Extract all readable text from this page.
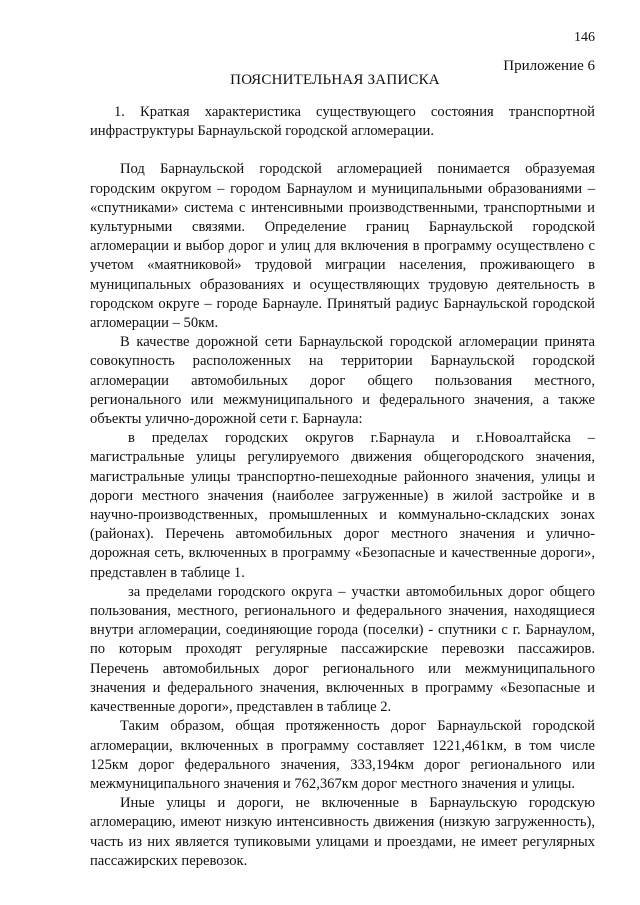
146
Приложение 6
ПОЯСНИТЕЛЬНАЯ ЗАПИСКА

1. Краткая характеристика существующего состояния транспортной инфраструктуры Барнаульской городской агломерации.

Под Барнаульской городской агломерацией понимается образуемая городским округом – городом Барнаулом и муниципальными образованиями – «спутниками» система с интенсивными производственными, транспортными и культурными связями. Определение границ Барнаульской городской агломерации и выбор дорог и улиц для включения в программу осуществлено с учетом «маятниковой» трудовой миграции населения, проживающего в муниципальных образованиях и осуществляющих трудовую деятельность в городском округе – городе Барнауле. Принятый радиус Барнаульской городской агломерации – 50км.

В качестве дорожной сети Барнаульской городской агломерации принята совокупность расположенных на территории Барнаульской городской агломерации автомобильных дорог общего пользования местного, регионального или межмуниципального и федерального значения, а также объекты улично-дорожной сети г. Барнаула:

в пределах городских округов г.Барнаула и г.Новоалтайска – магистральные улицы регулируемого движения общегородского значения, магистральные улицы транспортно-пешеходные районного значения, улицы и дороги местного значения (наиболее загруженные) в жилой застройке и в научно-производственных, промышленных и коммунально-складских зонах (районах). Перечень автомобильных дорог местного значения и улично-дорожная сеть, включенных в программу «Безопасные и качественные дороги», представлен в таблице 1.

за пределами городского округа – участки автомобильных дорог общего пользования, местного, регионального и федерального значения, находящиеся внутри агломерации, соединяющие города (поселки) - спутники с г. Барнаулом, по которым проходят регулярные пассажирские перевозки пассажиров. Перечень автомобильных дорог регионального или межмуниципального значения и федерального значения, включенных в программу «Безопасные и качественные дороги», представлен в таблице 2.

Таким образом, общая протяженность дорог Барнаульской городской агломерации, включенных в программу составляет 1221,461км, в том числе 125км дорог федерального значения, 333,194км дорог регионального или межмуниципального значения и 762,367км дорог местного значения и улицы.

Иные улицы и дороги, не включенные в Барнаульскую городскую агломерацию, имеют низкую интенсивность движения (низкую загруженность), часть из них является тупиковыми улицами и проездами, не имеет регулярных пассажирских перевозок.
